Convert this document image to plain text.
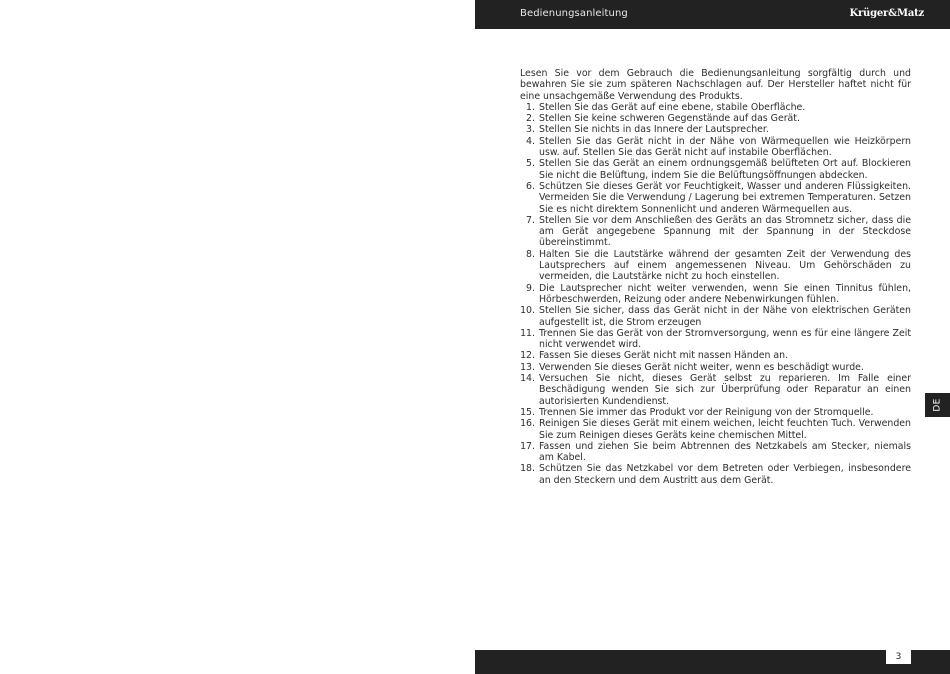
Bedienungsanleitung	Krüger&Matz

Lesen Sie vor dem Gebrauch die Bedienungsanleitung sorgfältig durch und bewahren Sie sie zum späteren Nachschlagen auf. Der Hersteller haftet nicht für eine unsachgemäße Verwendung des Produkts.

1. Stellen Sie das Gerät auf eine ebene, stabile Oberfläche.
2. Stellen Sie keine schweren Gegenstände auf das Gerät.
3. Stellen Sie nichts in das Innere der Lautsprecher.
4. Stellen Sie das Gerät nicht in der Nähe von Wärmequellen wie Heizkörpern usw. auf. Stellen Sie das Gerät nicht auf instabile Oberflächen.
5. Stellen Sie das Gerät an einem ordnungsgemäß belüfteten Ort auf. Blockieren Sie nicht die Belüftung, indem Sie die Belüftungsöffnungen abdecken.
6. Schützen Sie dieses Gerät vor Feuchtigkeit, Wasser und anderen Flüssigkeiten. Vermeiden Sie die Verwendung / Lagerung bei extremen Temperaturen. Setzen Sie es nicht direktem Sonnenlicht und anderen Wärmequellen aus.
7. Stellen Sie vor dem Anschließen des Geräts an das Stromnetz sicher, dass die am Gerät angegebene Spannung mit der Spannung in der Steckdose übereinstimmt.
8. Halten Sie die Lautstärke während der gesamten Zeit der Verwendung des Lautsprechers auf einem angemessenen Niveau. Um Gehörschäden zu vermeiden, die Lautstärke nicht zu hoch einstellen.
9. Die Lautsprecher nicht weiter verwenden, wenn Sie einen Tinnitus fühlen, Hörbeschwerden, Reizung oder andere Nebenwirkungen fühlen.
10. Stellen Sie sicher, dass das Gerät nicht in der Nähe von elektrischen Geräten aufgestellt ist, die Strom erzeugen
11. Trennen Sie das Gerät von der Stromversorgung, wenn es für eine längere Zeit nicht verwendet wird.
12. Fassen Sie dieses Gerät nicht mit nassen Händen an.
13. Verwenden Sie dieses Gerät nicht weiter, wenn es beschädigt wurde.
14. Versuchen Sie nicht, dieses Gerät selbst zu reparieren. Im Falle einer Beschädigung wenden Sie sich zur Überprüfung oder Reparatur an einen autorisierten Kundendienst.
15. Trennen Sie immer das Produkt vor der Reinigung von der Stromquelle.
16. Reinigen Sie dieses Gerät mit einem weichen, leicht feuchten Tuch. Verwenden Sie zum Reinigen dieses Geräts keine chemischen Mittel.
17. Fassen und ziehen Sie beim Abtrennen des Netzkabels am Stecker, niemals am Kabel.
18. Schützen Sie das Netzkabel vor dem Betreten oder Verbiegen, insbesondere an den Steckern und dem Austritt aus dem Gerät.
DE
3
